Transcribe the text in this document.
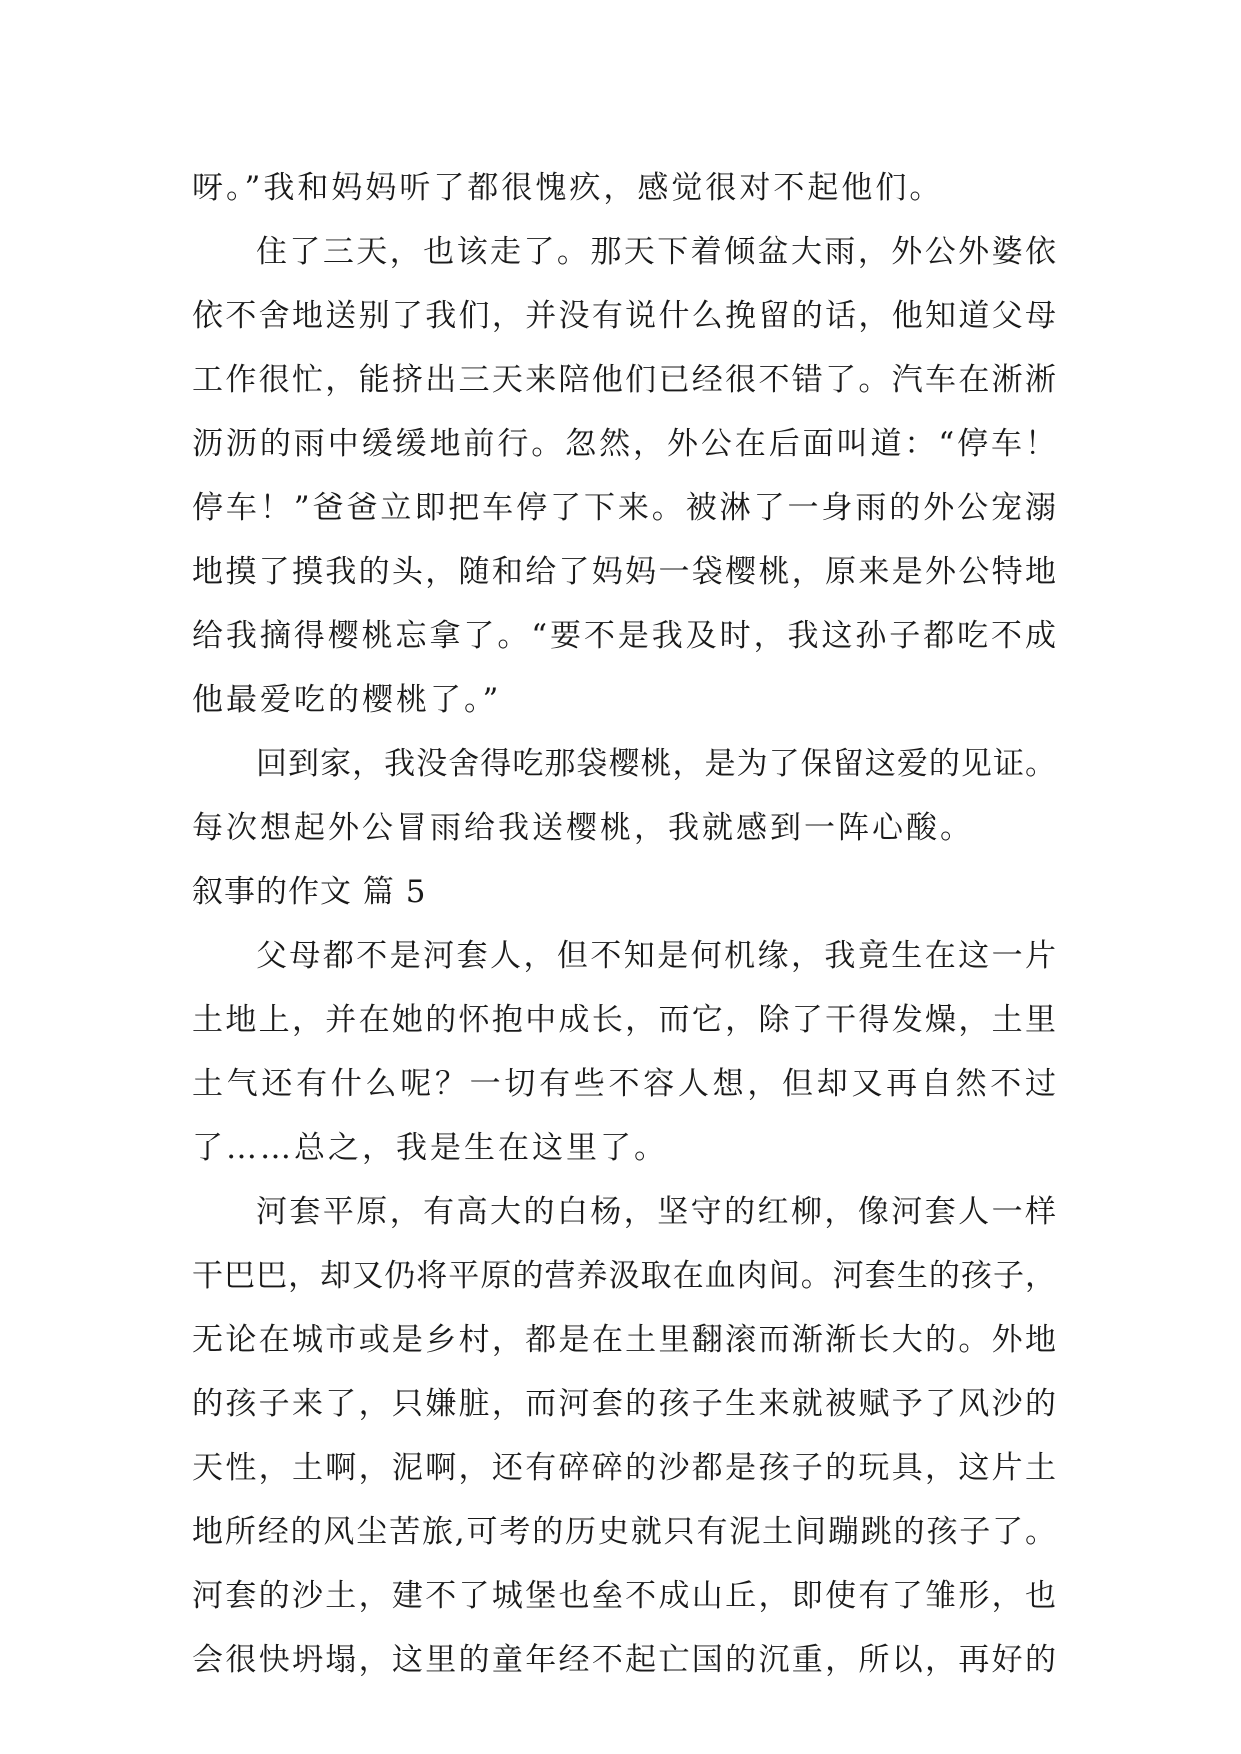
呀。”我和妈妈听了都很愧疚，感觉很对不起他们。
住了三天，也该走了。那天下着倾盆大雨，外公外婆依
依不舍地送别了我们，并没有说什么挽留的话，他知道父母
工作很忙，能挤出三天来陪他们已经很不错了。汽车在淅淅
沥沥的雨中缓缓地前行。忽然，外公在后面叫道：“停车！
停车！”爸爸立即把车停了下来。被淋了一身雨的外公宠溺
地摸了摸我的头，随和给了妈妈一袋樱桃，原来是外公特地
给我摘得樱桃忘拿了。“要不是我及时，我这孙子都吃不成
他最爱吃的樱桃了。”
回到家，我没舍得吃那袋樱桃，是为了保留这爱的见证。
每次想起外公冒雨给我送樱桃，我就感到一阵心酸。
叙事的作文 篇 5
父母都不是河套人，但不知是何机缘，我竟生在这一片
土地上，并在她的怀抱中成长，而它，除了干得发燥，土里
土气还有什么呢？一切有些不容人想，但却又再自然不过
了……总之，我是生在这里了。
河套平原，有高大的白杨，坚守的红柳，像河套人一样
干巴巴，却又仍将平原的营养汲取在血肉间。河套生的孩子，
无论在城市或是乡村，都是在土里翻滚而渐渐长大的。外地
的孩子来了，只嫌脏，而河套的孩子生来就被赋予了风沙的
天性，土啊，泥啊，还有碎碎的沙都是孩子的玩具，这片土
地所经的风尘苦旅,可考的历史就只有泥土间蹦跳的孩子了。
河套的沙土，建不了城堡也垒不成山丘，即使有了雏形，也
会很快坍塌，这里的童年经不起亡国的沉重，所以，再好的
